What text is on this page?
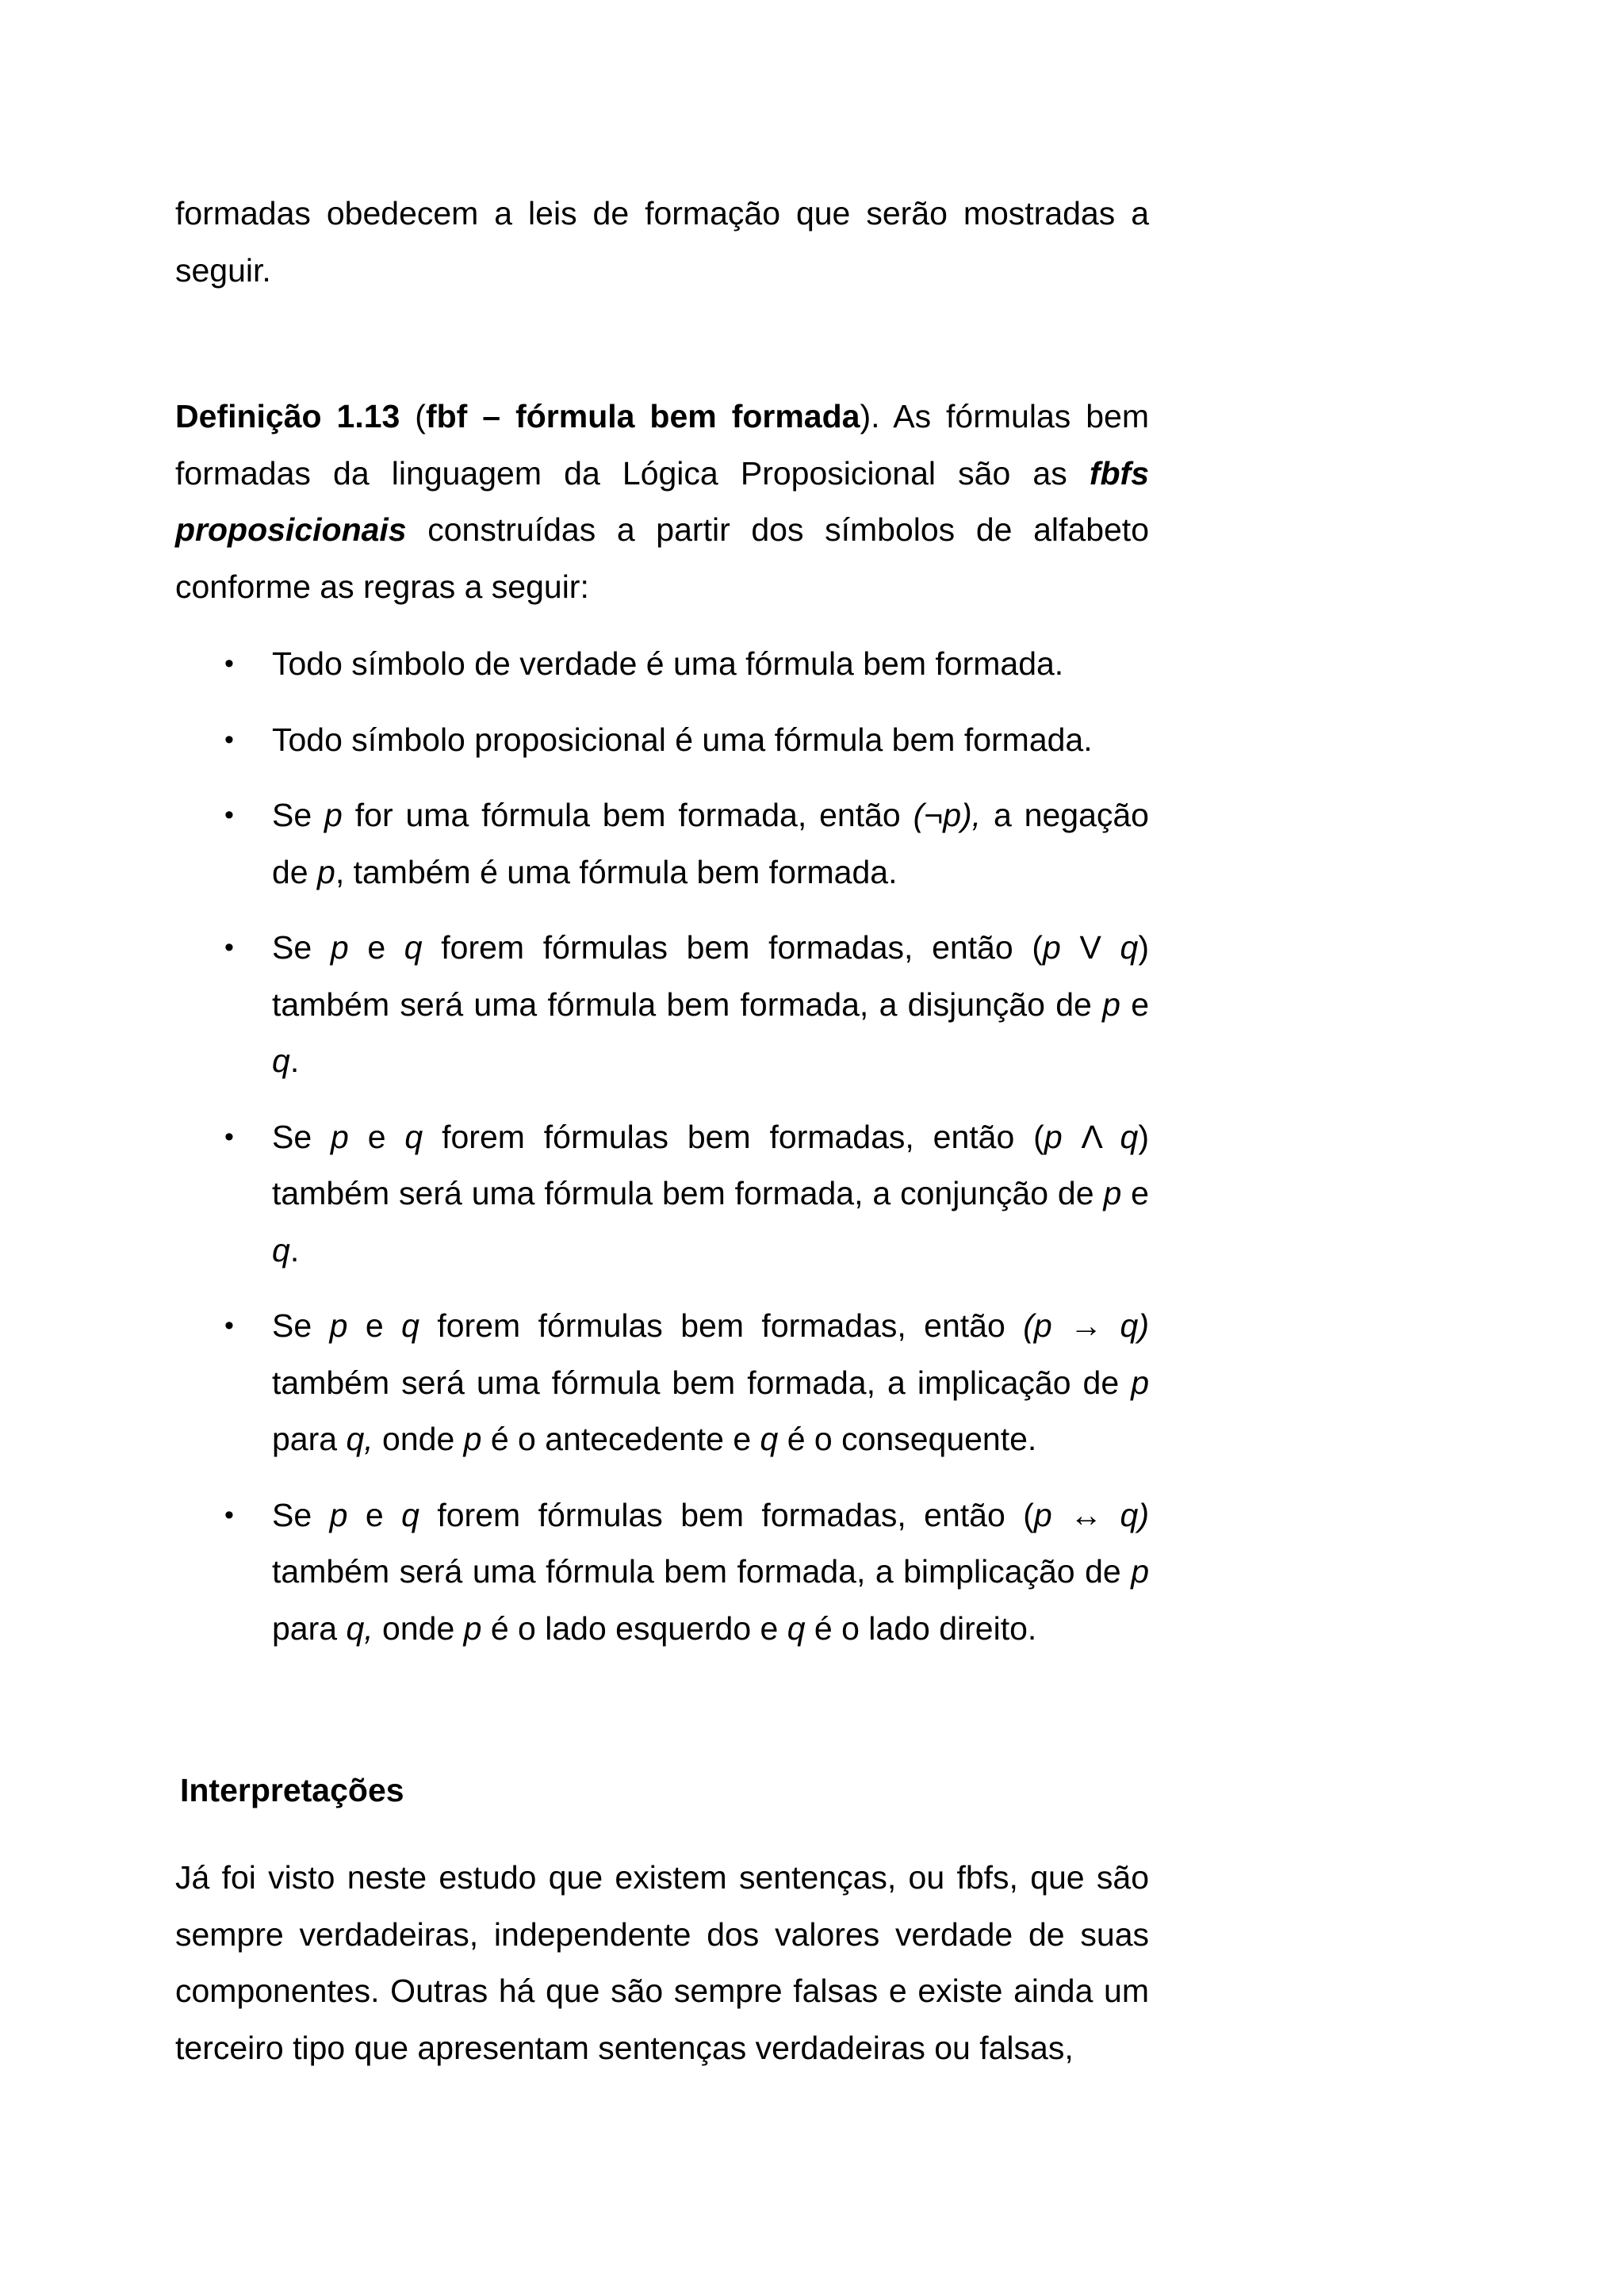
formadas obedecem a leis de formação que serão mostradas a seguir.

Definição 1.13 (fbf – fórmula bem formada). As fórmulas bem formadas da linguagem da Lógica Proposicional são as fbfs proposicionais construídas a partir dos símbolos de alfabeto conforme as regras a seguir:

• Todo símbolo de verdade é uma fórmula bem formada.
• Todo símbolo proposicional é uma fórmula bem formada.
• Se p for uma fórmula bem formada, então (¬p), a negação de p, também é uma fórmula bem formada.
• Se p e q forem fórmulas bem formadas, então (p V q) também será uma fórmula bem formada, a disjunção de p e q.
• Se p e q forem fórmulas bem formadas, então (p Λ q) também será uma fórmula bem formada, a conjunção de p e q.
• Se p e q forem fórmulas bem formadas, então (p → q) também será uma fórmula bem formada, a implicação de p para q, onde p é o antecedente e q é o consequente.
• Se p e q forem fórmulas bem formadas, então (p ↔ q) também será uma fórmula bem formada, a bimplicação de p para q, onde p é o lado esquerdo e q é o lado direito.
Interpretações

Já foi visto neste estudo que existem sentenças, ou fbfs, que são sempre verdadeiras, independente dos valores verdade de suas componentes. Outras há que são sempre falsas e existe ainda um terceiro tipo que apresentam sentenças verdadeiras ou falsas,
